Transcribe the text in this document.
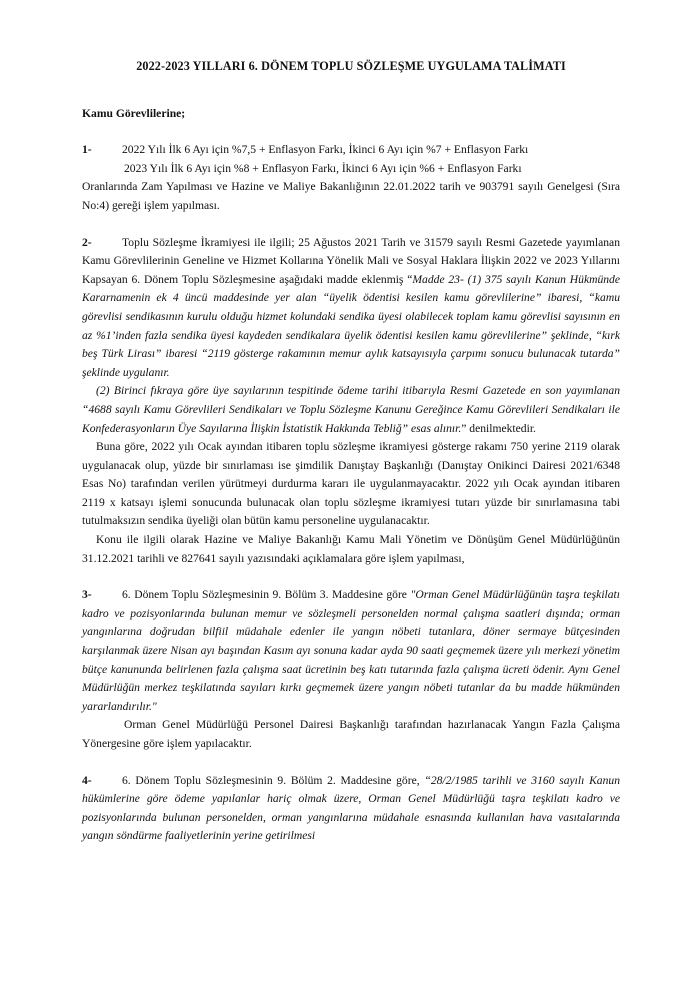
2022-2023 YILLARI 6. DÖNEM TOPLU SÖZLEŞME UYGULAMA TALİMATI
Kamu Görevlilerine;
1-	2022 Yılı İlk 6 Ayı için %7,5 + Enflasyon Farkı, İkinci 6 Ayı için %7 + Enflasyon Farkı
2023 Yılı İlk 6 Ayı için %8 + Enflasyon Farkı, İkinci 6 Ayı için %6 + Enflasyon Farkı
Oranlarında Zam Yapılması ve Hazine ve Maliye Bakanlığının 22.01.2022 tarih ve 903791 sayılı Genelgesi (Sıra No:4) gereği işlem yapılması.
2-	Toplu Sözleşme İkramiyesi ile ilgili; 25 Ağustos 2021 Tarih ve 31579 sayılı Resmi Gazetede yayımlanan Kamu Görevlilerinin Geneline ve Hizmet Kollarına Yönelik Mali ve Sosyal Haklara İlişkin 2022 ve 2023 Yıllarını Kapsayan 6. Dönem Toplu Sözleşmesine aşağıdaki madde eklenmiş “Madde 23- (1) 375 sayılı Kanun Hükmünde Kararnamenin ek 4 üncü maddesinde yer alan “üyelik ödentisi kesilen kamu görevlilerine” ibaresi, “kamu görevlisi sendikasının kurulu olduğu hizmet kolundaki sendika üyesi olabilecek toplam kamu görevlisi sayısının en az %1’inden fazla sendika üyesi kaydeden sendikalara üyelik ödentisi kesilen kamu görevlilerine” şeklinde, “kırk beş Türk Lirası” ibaresi “2119 gösterge rakamının memur aylık katsayısıyla çarpımı sonucu bulunacak tutarda” şeklinde uygulanır.
(2) Birinci fıkraya göre üye sayılarının tespitinde ödeme tarihi itibarıyla Resmi Gazetede en son yayımlanan “4688 sayılı Kamu Görevlileri Sendikaları ve Toplu Sözleşme Kanunu Gereğince Kamu Görevlileri Sendikaları ile Konfederasyonların Üye Sayılarına İlişkin İstatistik Hakkında Tebliğ” esas alınır.” denilmektedir.
Buna göre, 2022 yılı Ocak ayından itibaren toplu sözleşme ikramiyesi gösterge rakamı 750 yerine 2119 olarak uygulanacak olup, yüzde bir sınırlaması ise şimdilik Danıştay Başkanlığı (Danıştay Onikinci Dairesi 2021/6348 Esas No) tarafından verilen yürütmeyi durdurma kararı ile uygulanmayacaktır. 2022 yılı Ocak ayından itibaren 2119 x katsayı işlemi sonucunda bulunacak olan toplu sözleşme ikramiyesi tutarı yüzde bir sınırlamasına tabi tutulmaksızın sendika üyeliği olan bütün kamu personeline uygulanacaktır.
Konu ile ilgili olarak Hazine ve Maliye Bakanlığı Kamu Mali Yönetim ve Dönüşüm Genel Müdürlüğünün 31.12.2021 tarihli ve 827641 sayılı yazısındaki açıklamalara göre işlem yapılması,
3-	6. Dönem Toplu Sözleşmesinin 9. Bölüm 3. Maddesine göre "Orman Genel Müdürlüğünün taşra teşkilatı kadro ve pozisyonlarında bulunan memur ve sözleşmeli personelden normal çalışma saatleri dışında; orman yangınlarına doğrudan bilfiil müdahale edenler ile yangın nöbeti tutanlara, döner sermaye bütçesinden karşılanmak üzere Nisan ayı başından Kasım ayı sonuna kadar ayda 90 saati geçmemek üzere yılı merkezi yönetim bütçe kanununda belirlenen fazla çalışma saat ücretinin beş katı tutarında fazla çalışma ücreti ödenir. Aynı Genel Müdürlüğün merkez teşkilatında sayıları kırkı geçmemek üzere yangın nöbeti tutanlar da bu madde hükmünden yararlandırılır."
Orman Genel Müdürlüğü Personel Dairesi Başkanlığı tarafından hazırlanacak Yangın Fazla Çalışma Yönergesine göre işlem yapılacaktır.
4-	6. Dönem Toplu Sözleşmesinin 9. Bölüm 2. Maddesine göre, “28/2/1985 tarihli ve 3160 sayılı Kanun hükümlerine göre ödeme yapılanlar hariç olmak üzere, Orman Genel Müdürlüğü taşra teşkilatı kadro ve pozisyonlarında bulunan personelden, orman yangınlarına müdahale esnasında kullanılan hava vasıtalarında yangın söndürme faaliyetlerinin yerine getirilmesi
